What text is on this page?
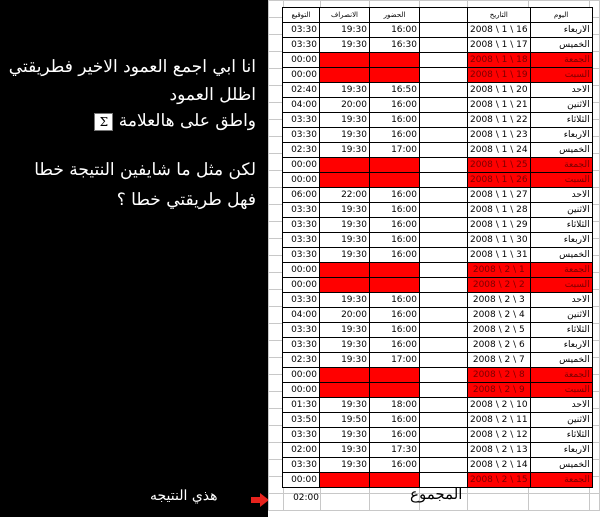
انا ابي اجمع العمود الاخير فطريقتي
اظلل العمود
واطق على هالعلامة Σ
لكن مثل ما شايفين النتيجة خطا
فهل طريقتي خطا ؟
هذي النتيجه

التوقيع	الانصراف	الحضور		التاريخ	اليوم
03:30	19:30	16:00		2008 \ 1 \ 16	الاربعاء
03:30	19:30	16:30		2008 \ 1 \ 17	الخميس
00:00				2008 \ 1 \ 18	الجمعة
00:00				2008 \ 1 \ 19	السبت
02:40	19:30	16:50		2008 \ 1 \ 20	الاحد
04:00	20:00	16:00		2008 \ 1 \ 21	الاثنين
03:30	19:30	16:00		2008 \ 1 \ 22	الثلاثاء
03:30	19:30	16:00		2008 \ 1 \ 23	الاربعاء
02:30	19:30	17:00		2008 \ 1 \ 24	الخميس
00:00				2008 \ 1 \ 25	الجمعة
00:00				2008 \ 1 \ 26	السبت
06:00	22:00	16:00		2008 \ 1 \ 27	الاحد
03:30	19:30	16:00		2008 \ 1 \ 28	الاثنين
03:30	19:30	16:00		2008 \ 1 \ 29	الثلاثاء
03:30	19:30	16:00		2008 \ 1 \ 30	الاربعاء
03:30	19:30	16:00		2008 \ 1 \ 31	الخميس
00:00				2008 \ 2 \ 1	الجمعة
00:00				2008 \ 2 \ 2	السبت
03:30	19:30	16:00		2008 \ 2 \ 3	الاحد
04:00	20:00	16:00		2008 \ 2 \ 4	الاثنين
03:30	19:30	16:00		2008 \ 2 \ 5	الثلاثاء
03:30	19:30	16:00		2008 \ 2 \ 6	الاربعاء
02:30	19:30	17:00		2008 \ 2 \ 7	الخميس
00:00				2008 \ 2 \ 8	الجمعة
00:00				2008 \ 2 \ 9	السبت
01:30	19:30	18:00		2008 \ 2 \ 10	الاحد
03:50	19:50	16:00		2008 \ 2 \ 11	الاثنين
03:30	19:30	16:00		2008 \ 2 \ 12	الثلاثاء
02:00	19:30	17:30		2008 \ 2 \ 13	الاربعاء
03:30	19:30	16:00		2008 \ 2 \ 14	الخميس
00:00				2008 \ 2 \ 15	الجمعة
02:00	المجموع
